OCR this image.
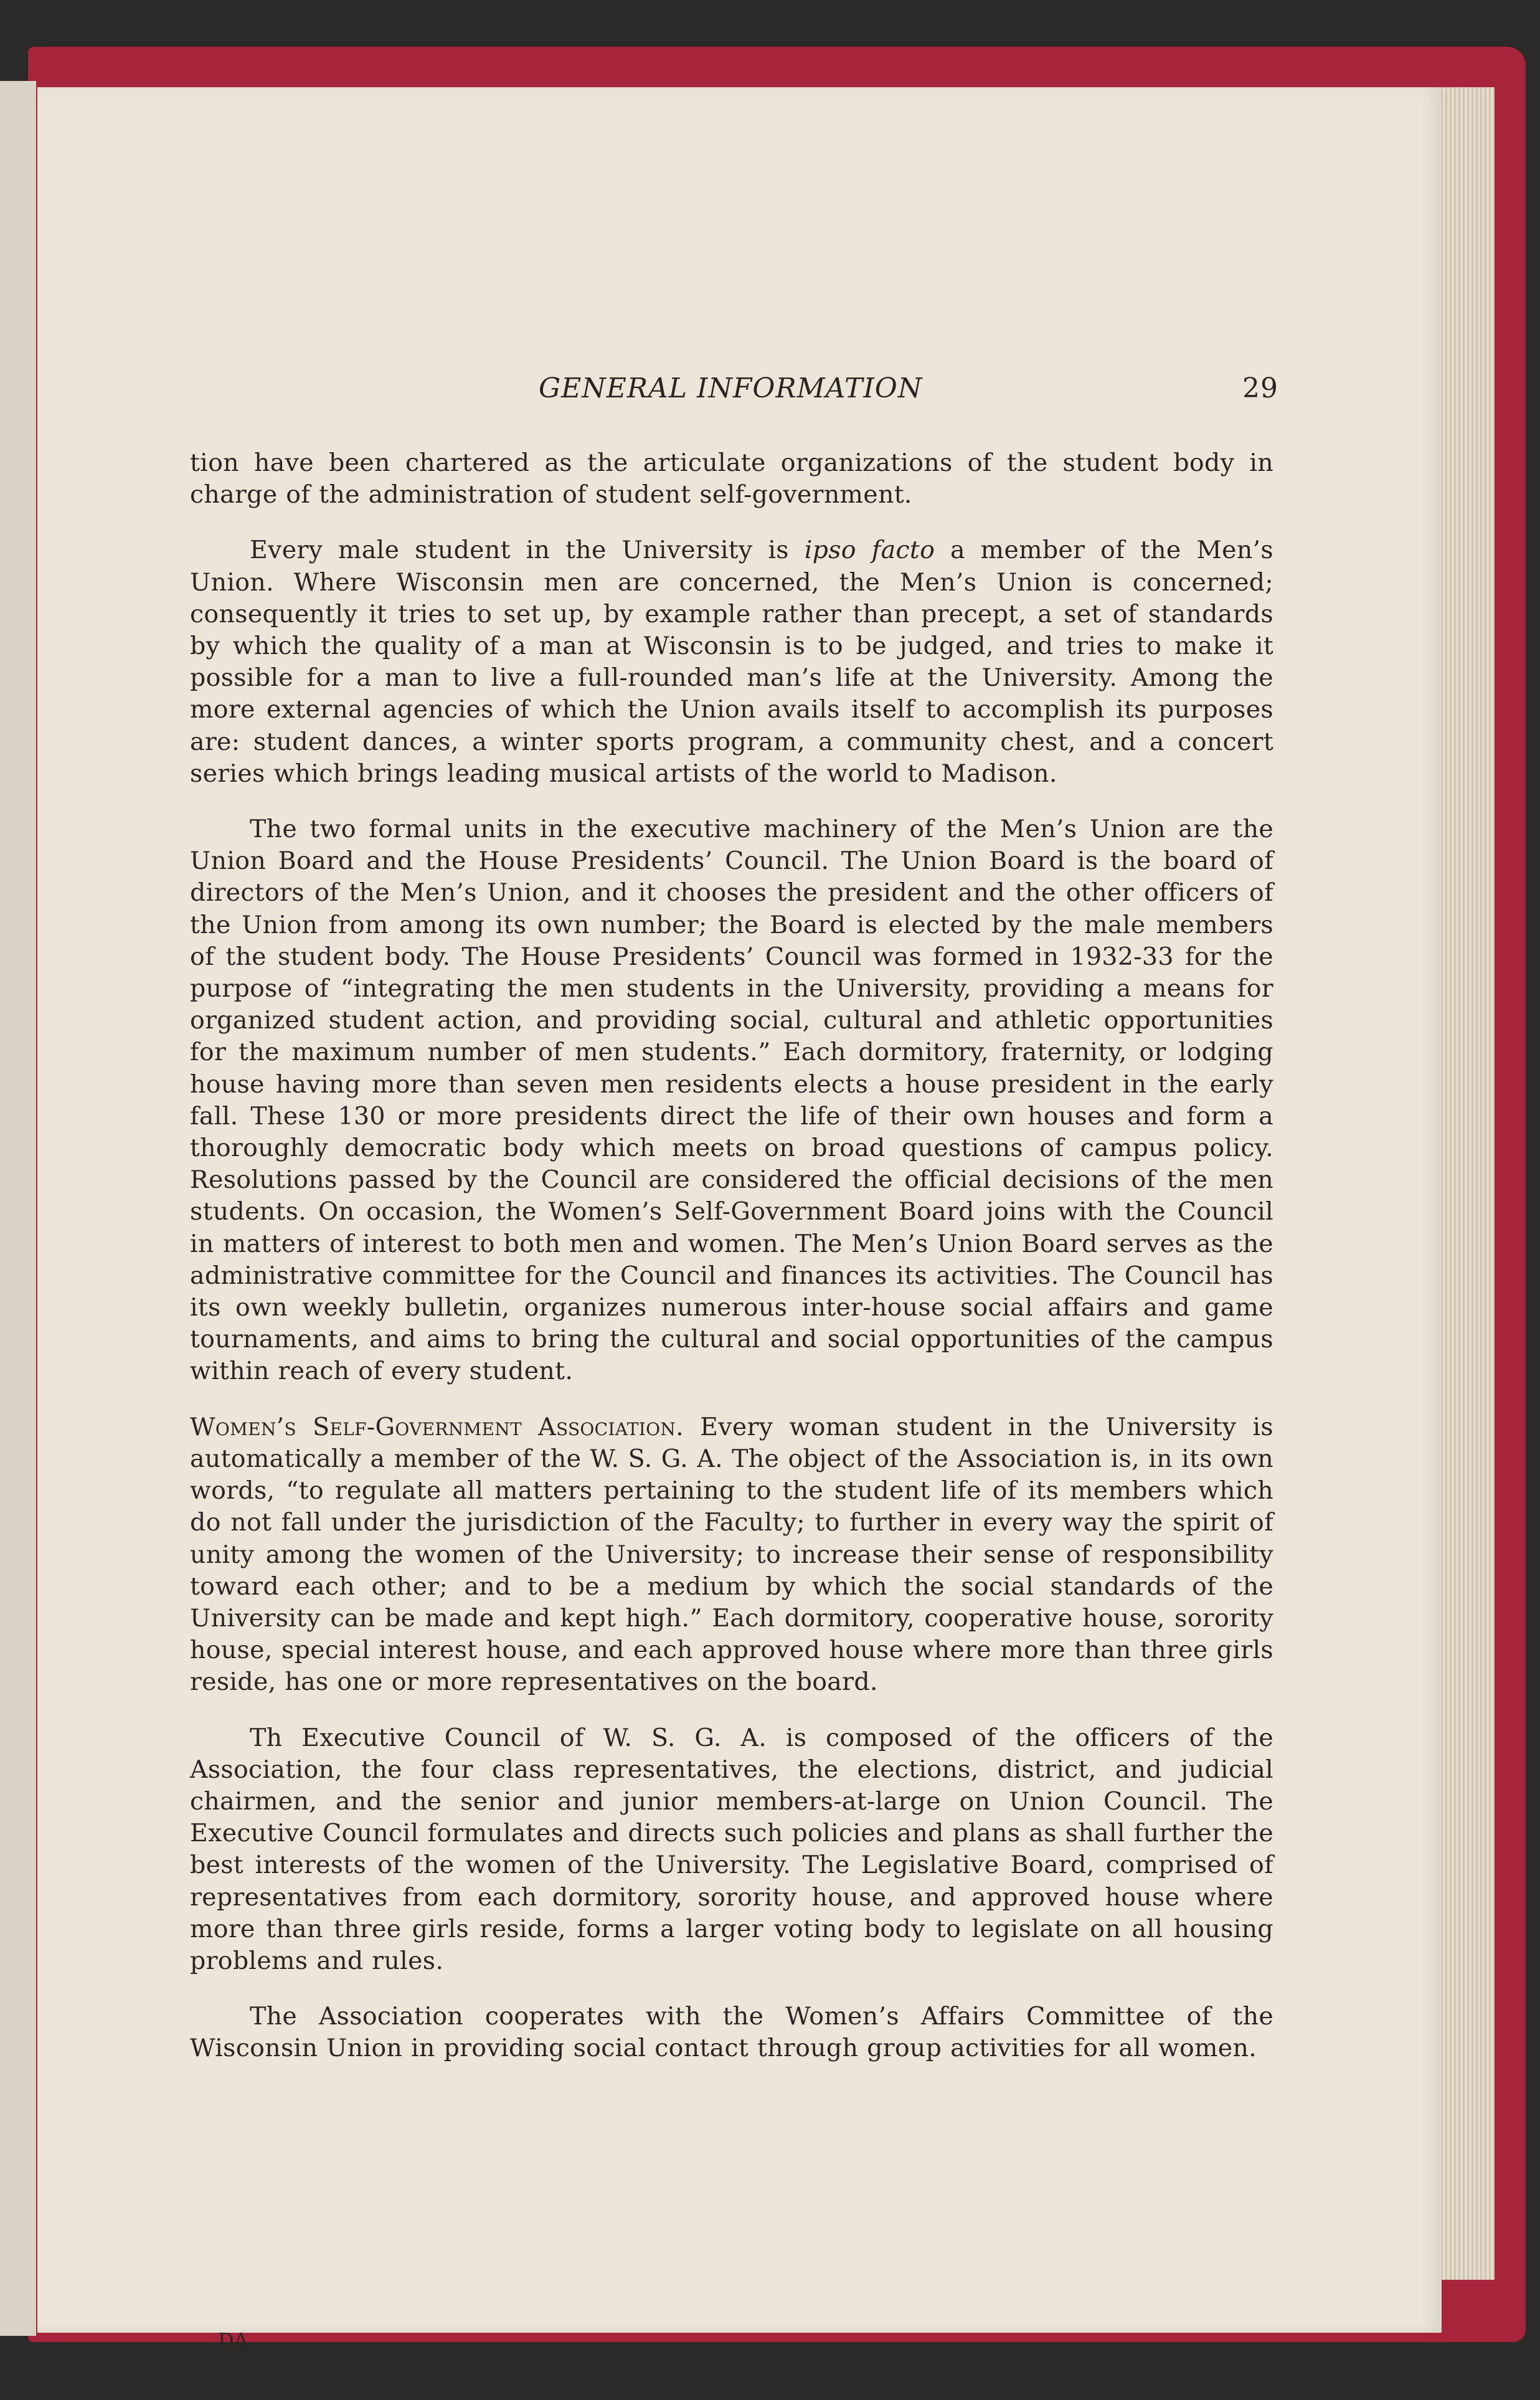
GENERAL INFORMATION	29

tion have been chartered as the articulate organizations of the student body in charge of the administration of student self-government.

Every male student in the University is ipso facto a member of the Men’s Union. Where Wisconsin men are concerned, the Men’s Union is concerned; consequently it tries to set up, by example rather than precept, a set of standards by which the quality of a man at Wisconsin is to be judged, and tries to make it possible for a man to live a full-rounded man’s life at the University. Among the more external agencies of which the Union avails itself to accomplish its purposes are: student dances, a winter sports program, a community chest, and a concert series which brings leading musical artists of the world to Madison.

The two formal units in the executive machinery of the Men’s Union are the Union Board and the House Presidents’ Council. The Union Board is the board of directors of the Men’s Union, and it chooses the president and the other officers of the Union from among its own number; the Board is elected by the male members of the student body. The House Presidents’ Council was formed in 1932-33 for the purpose of “integrating the men students in the University, providing a means for organized student action, and providing social, cultural and athletic opportunities for the maximum number of men students.” Each dormitory, fraternity, or lodging house having more than seven men residents elects a house president in the early fall. These 130 or more presidents direct the life of their own houses and form a thoroughly democratic body which meets on broad questions of campus policy. Resolutions passed by the Council are considered the official decisions of the men students. On occasion, the Women’s Self-Government Board joins with the Council in matters of interest to both men and women. The Men’s Union Board serves as the administrative committee for the Council and finances its activities. The Council has its own weekly bulletin, organizes numerous inter-house social affairs and game tournaments, and aims to bring the cultural and social opportunities of the campus within reach of every student.

Women’s Self-Government Association. Every woman student in the University is automatically a member of the W. S. G. A. The object of the Association is, in its own words, “to regulate all matters pertaining to the student life of its members which do not fall under the jurisdiction of the Faculty; to further in every way the spirit of unity among the women of the University; to increase their sense of responsibility toward each other; and to be a medium by which the social standards of the University can be made and kept high.” Each dormitory, cooperative house, sorority house, special interest house, and each approved house where more than three girls reside, has one or more representatives on the board.

Th Executive Council of W. S. G. A. is composed of the officers of the Association, the four class representatives, the elections, district, and judicial chairmen, and the senior and junior members-at-large on Union Council. The Executive Council formulates and directs such policies and plans as shall further the best interests of the women of the University. The Legislative Board, comprised of representatives from each dormitory, sorority house, and approved house where more than three girls reside, forms a larger voting body to legislate on all housing problems and rules.

The Association cooperates with the Women’s Affairs Committee of the Wisconsin Union in providing social contact through group activities for all women.

DA
